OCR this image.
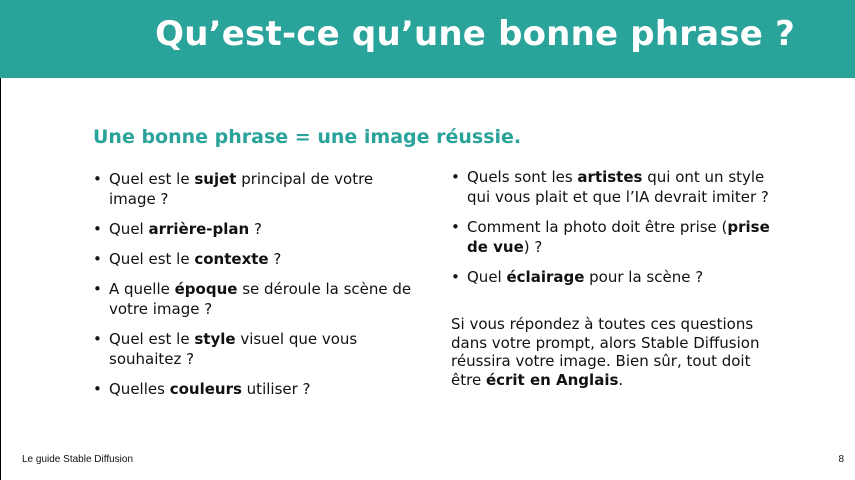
Qu’est-ce qu’une bonne phrase ?
Une bonne phrase = une image réussie.
• Quel est le sujet principal de votre image ?
• Quel arrière-plan ?
• Quel est le contexte ?
• A quelle époque se déroule la scène de votre image ?
• Quel est le style visuel que vous souhaitez ?
• Quelles couleurs utiliser ?
• Quels sont les artistes qui ont un style qui vous plait et que l’IA devrait imiter ?
• Comment la photo doit être prise (prise de vue) ?
• Quel éclairage pour la scène ?

Si vous répondez à toutes ces questions dans votre prompt, alors Stable Diffusion réussira votre image. Bien sûr, tout doit être écrit en Anglais.

Le guide Stable Diffusion	8
